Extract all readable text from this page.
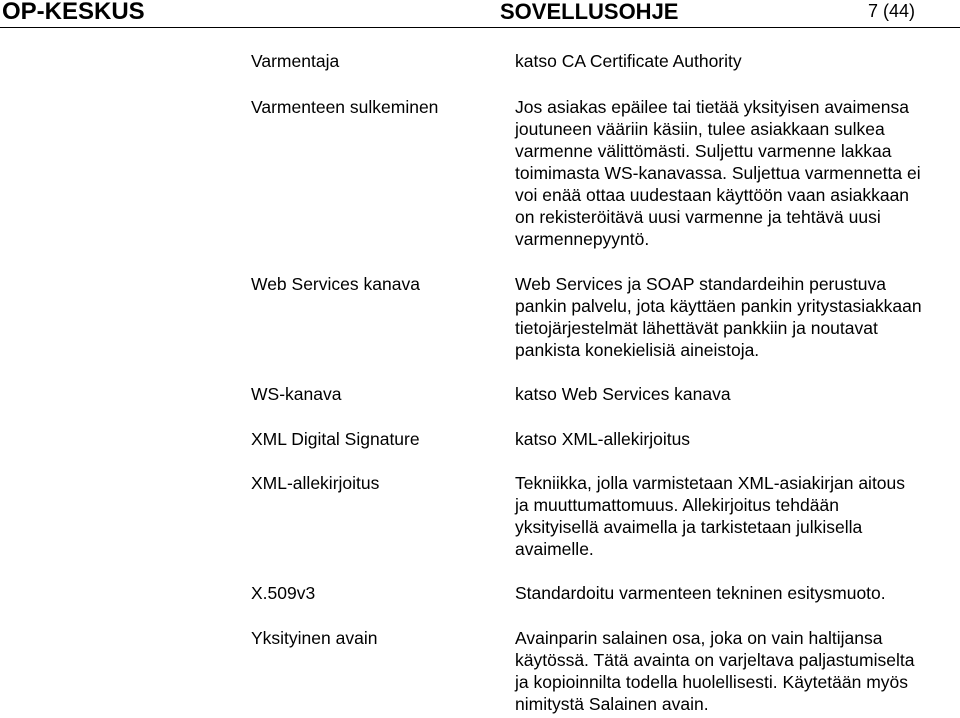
OP-KESKUS	SOVELLUSOHJE	7 (44)
Varmentaja	katso CA Certificate Authority
Varmenteen sulkeminen	Jos asiakas epäilee tai tietää yksityisen avaimensa
joutuneen vääriin käsiin, tulee asiakkaan sulkea
varmenne välittömästi. Suljettu varmenne lakkaa
toimimasta WS-kanavassa. Suljettua varmennetta ei
voi enää ottaa uudestaan käyttöön vaan asiakkaan
on rekisteröitävä uusi varmenne ja tehtävä uusi
varmennepyyntö.
Web Services kanava	Web Services ja SOAP standardeihin perustuva
pankin palvelu, jota käyttäen pankin yritystasiakkaan
tietojärjestelmät lähettävät pankkiin ja noutavat
pankista konekielisiä aineistoja.
WS-kanava	katso Web Services kanava
XML Digital Signature	katso XML-allekirjoitus
XML-allekirjoitus	Tekniikka, jolla varmistetaan XML-asiakirjan aitous
ja muuttumattomuus. Allekirjoitus tehdään
yksityisellä avaimella ja tarkistetaan julkisella
avaimelle.
X.509v3	Standardoitu varmenteen tekninen esitysmuoto.
Yksityinen avain	Avainparin salainen osa, joka on vain haltijansa
käytössä. Tätä avainta on varjeltava paljastumiselta
ja kopioinnilta todella huolellisesti. Käytetään myös
nimitystä Salainen avain.
